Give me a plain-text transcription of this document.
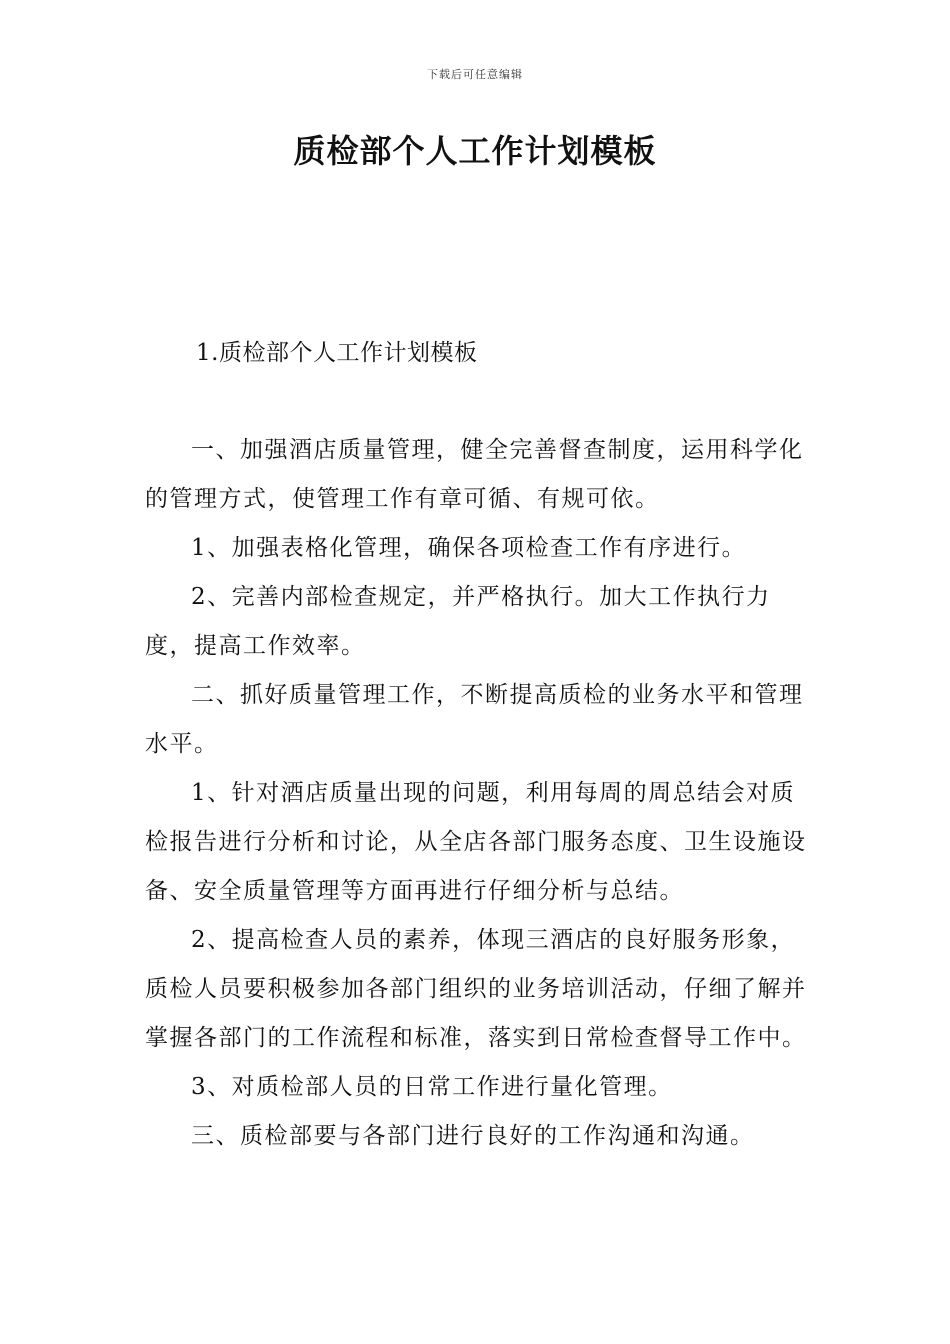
下载后可任意编辑
质检部个人工作计划模板

1.质检部个人工作计划模板

一、加强酒店质量管理，健全完善督查制度，运用科学化的管理方式，使管理工作有章可循、有规可依。

1、加强表格化管理，确保各项检查工作有序进行。

2、完善内部检查规定，并严格执行。加大工作执行力度，提高工作效率。

二、抓好质量管理工作，不断提高质检的业务水平和管理水平。

1、针对酒店质量出现的问题，利用每周的周总结会对质检报告进行分析和讨论，从全店各部门服务态度、卫生设施设备、安全质量管理等方面再进行仔细分析与总结。

2、提高检查人员的素养，体现三酒店的良好服务形象，质检人员要积极参加各部门组织的业务培训活动，仔细了解并掌握各部门的工作流程和标准，落实到日常检查督导工作中。

3、对质检部人员的日常工作进行量化管理。

三、质检部要与各部门进行良好的工作沟通和沟通。
